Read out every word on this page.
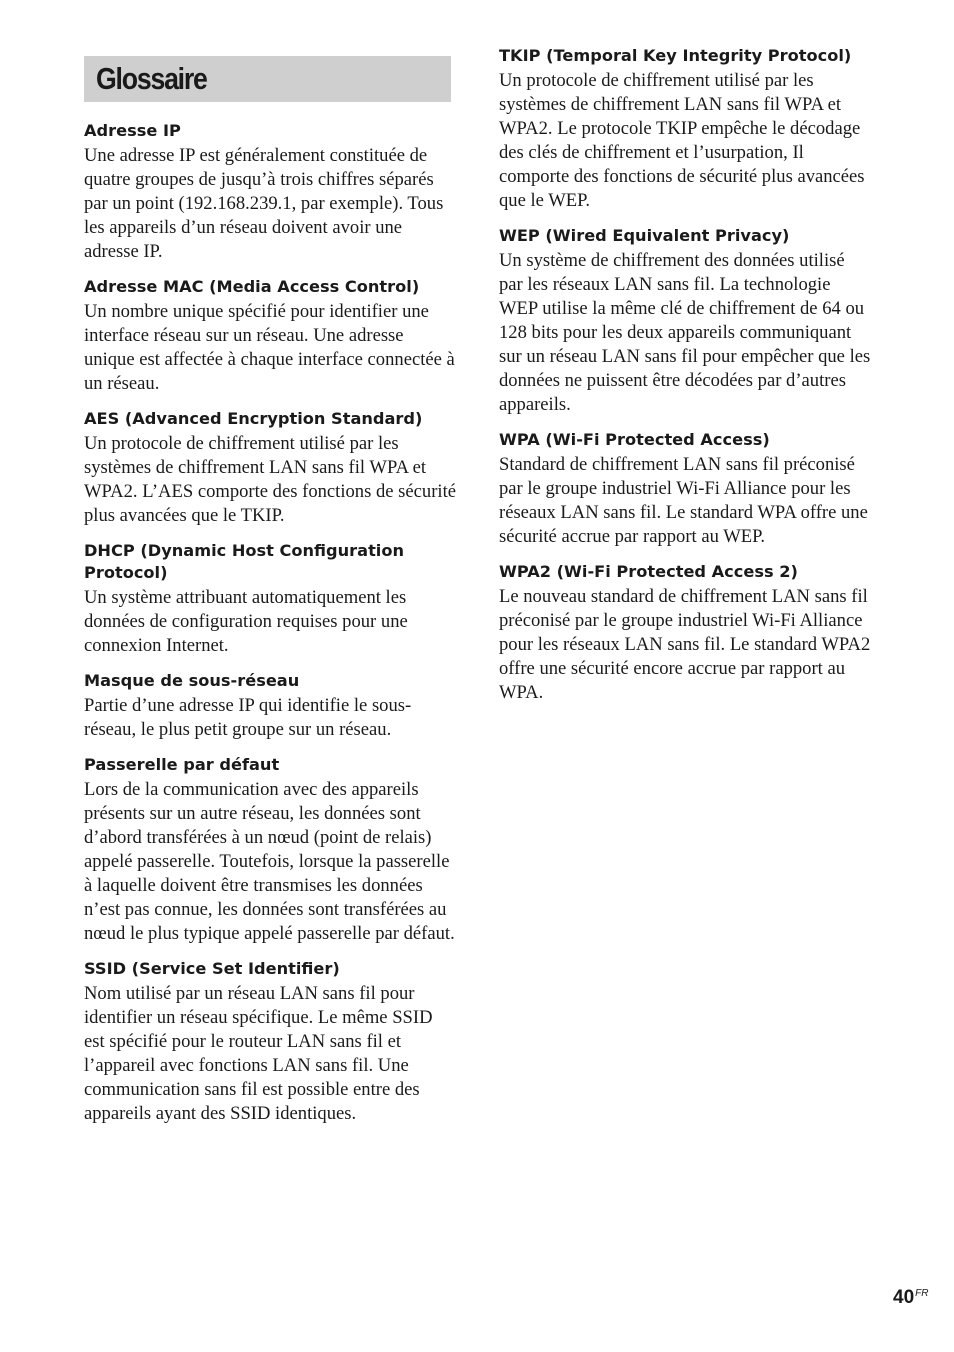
Glossaire
Adresse IP

Une adresse IP est généralement constituée de quatre groupes de jusqu’à trois chiffres séparés par un point (192.168.239.1, par exemple). Tous les appareils d’un réseau doivent avoir une adresse IP.

Adresse MAC (Media Access Control)

Un nombre unique spécifié pour identifier une interface réseau sur un réseau. Une adresse unique est affectée à chaque interface connectée à un réseau.

AES (Advanced Encryption Standard)

Un protocole de chiffrement utilisé par les systèmes de chiffrement LAN sans fil WPA et WPA2. L’AES comporte des fonctions de sécurité plus avancées que le TKIP.

DHCP (Dynamic Host Configuration Protocol)

Un système attribuant automatiquement les données de configuration requises pour une connexion Internet.

Masque de sous-réseau

Partie d’une adresse IP qui identifie le sous-réseau, le plus petit groupe sur un réseau.

Passerelle par défaut

Lors de la communication avec des appareils présents sur un autre réseau, les données sont d’abord transférées à un nœud (point de relais) appelé passerelle. Toutefois, lorsque la passerelle à laquelle doivent être transmises les données n’est pas connue, les données sont transférées au nœud le plus typique appelé passerelle par défaut.

SSID (Service Set Identifier)

Nom utilisé par un réseau LAN sans fil pour identifier un réseau spécifique. Le même SSID est spécifié pour le routeur LAN sans fil et l’appareil avec fonctions LAN sans fil. Une communication sans fil est possible entre des appareils ayant des SSID identiques.

TKIP (Temporal Key Integrity Protocol)

Un protocole de chiffrement utilisé par les systèmes de chiffrement LAN sans fil WPA et WPA2. Le protocole TKIP empêche le décodage des clés de chiffrement et l’usurpation, Il comporte des fonctions de sécurité plus avancées que le WEP.

WEP (Wired Equivalent Privacy)

Un système de chiffrement des données utilisé par les réseaux LAN sans fil. La technologie WEP utilise la même clé de chiffrement de 64 ou 128 bits pour les deux appareils communiquant sur un réseau LAN sans fil pour empêcher que les données ne puissent être décodées par d’autres appareils.

WPA (Wi-Fi Protected Access)

Standard de chiffrement LAN sans fil préconisé par le groupe industriel Wi-Fi Alliance pour les réseaux LAN sans fil. Le standard WPA offre une sécurité accrue par rapport au WEP.

WPA2 (Wi-Fi Protected Access 2)

Le nouveau standard de chiffrement LAN sans fil préconisé par le groupe industriel Wi-Fi Alliance pour les réseaux LAN sans fil. Le standard WPA2 offre une sécurité encore accrue par rapport au WPA.

$40^{FR}$
